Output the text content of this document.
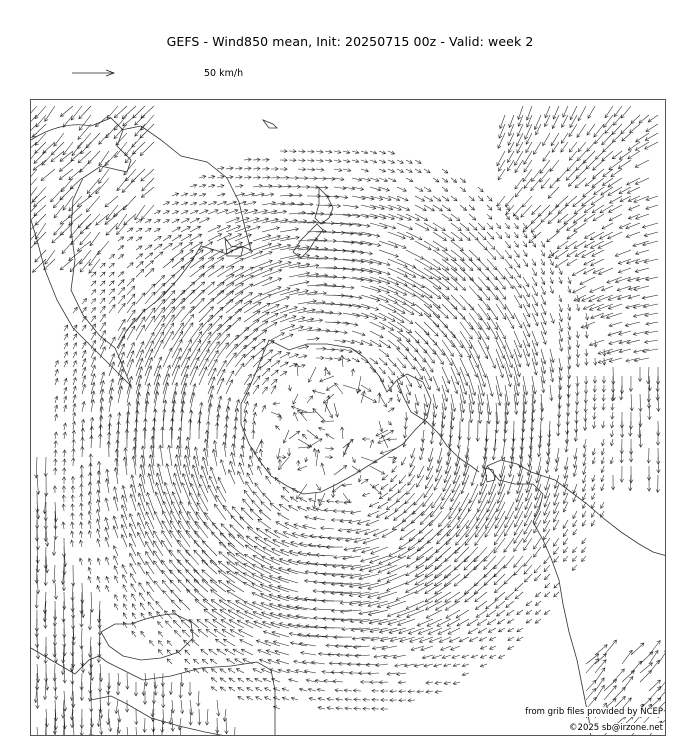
GEFS - Wind850 mean, Init: 20250715 00z - Valid: week 2
50 km/h
from grib files provided by NCEP
©2025 sb@irzone.net
